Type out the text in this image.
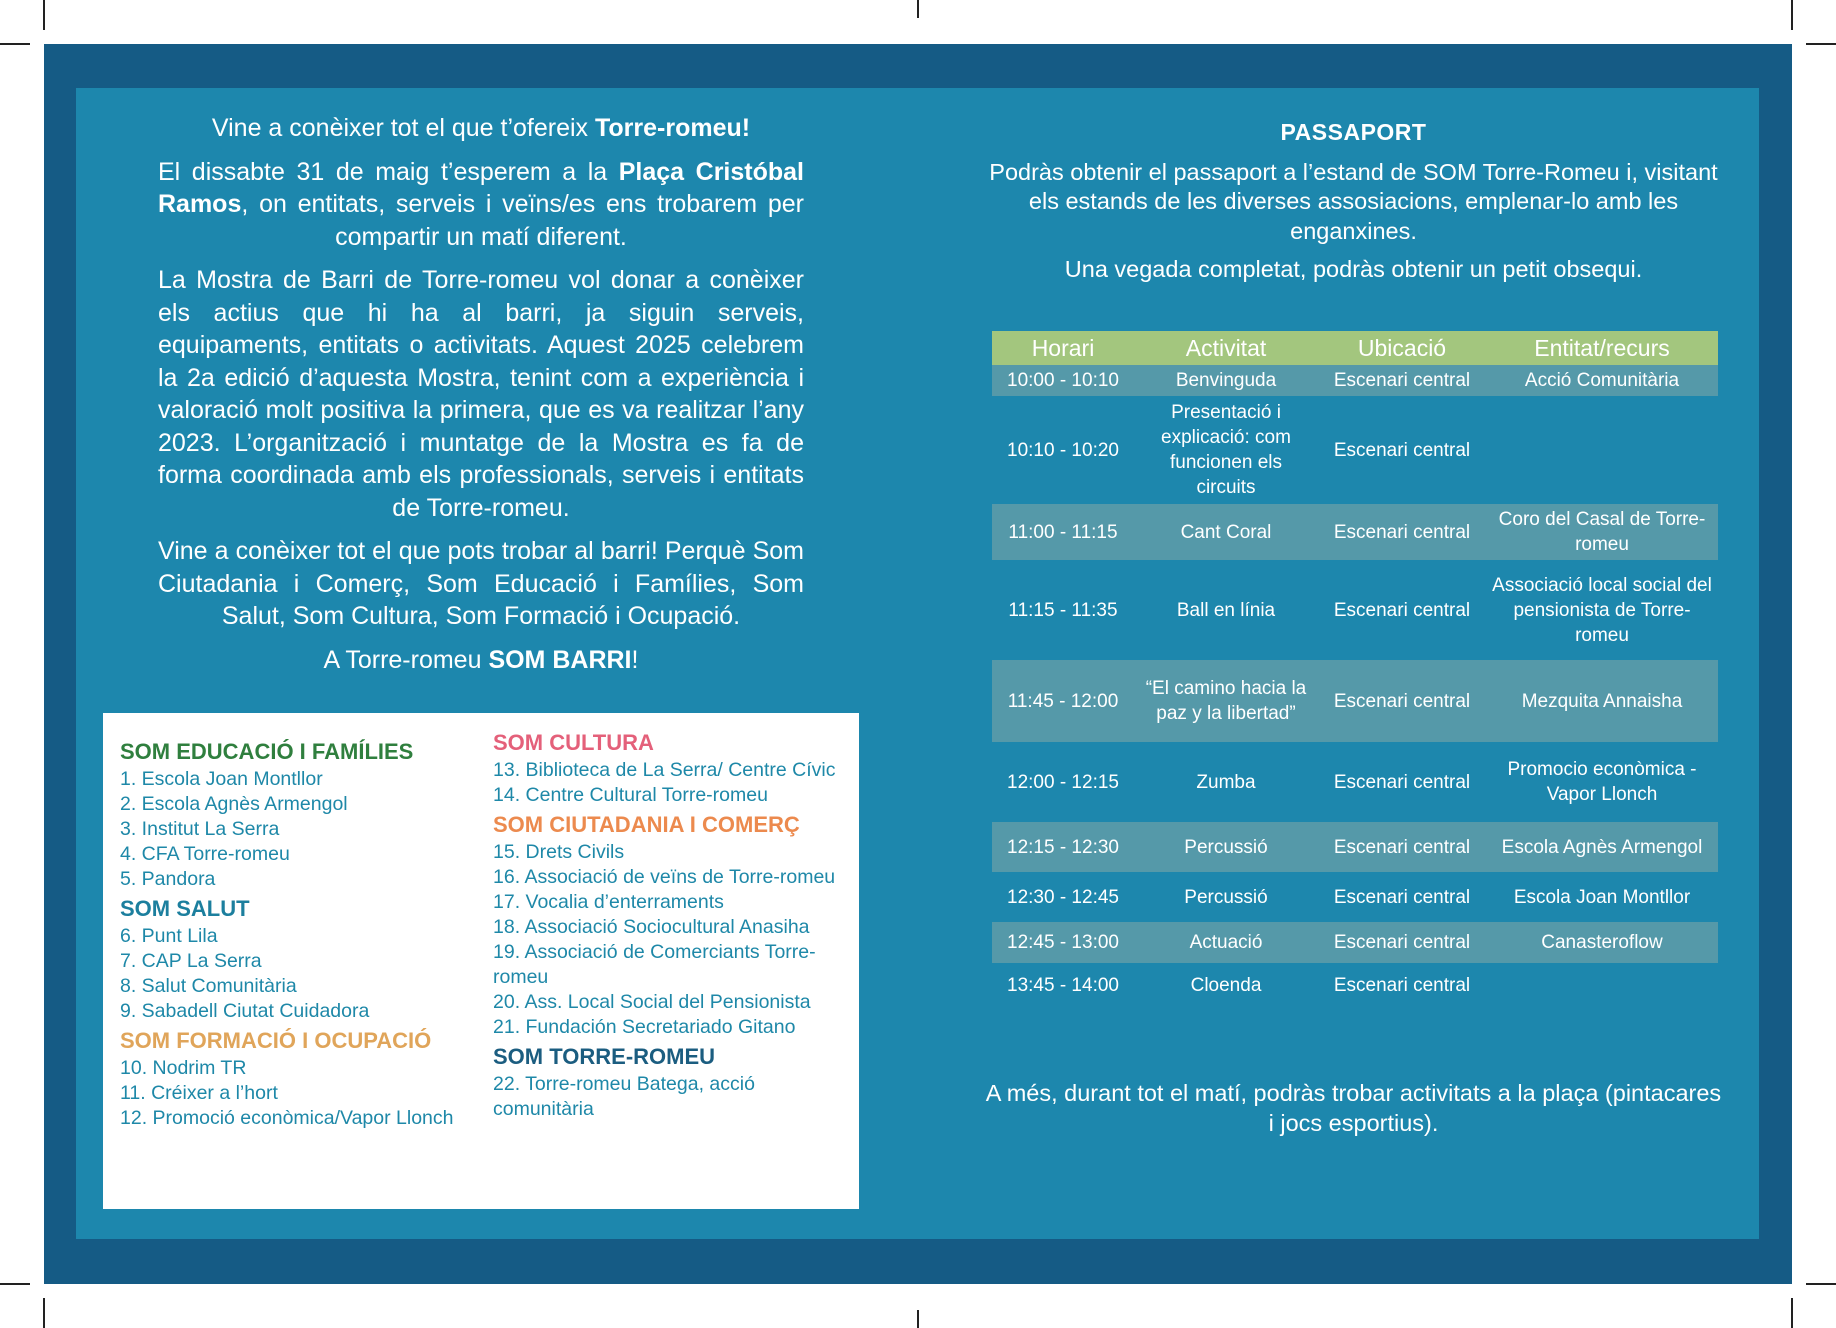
Vine a conèixer tot el que t’ofereix Torre-romeu!

El dissabte 31 de maig t’esperem a la Plaça Cristóbal Ramos, on entitats, serveis i veïns/es ens trobarem per compartir un matí diferent.

La Mostra de Barri de Torre-romeu vol donar a conèixer els actius que hi ha al barri, ja siguin serveis, equipaments, entitats o activitats. Aquest 2025 celebrem la 2a edició d’aquesta Mostra, tenint com a experiència i valoració molt positiva la primera, que es va realitzar l’any 2023. L’organització i muntatge de la Mostra es fa de forma coordinada amb els professionals, serveis i entitats de Torre-romeu.

Vine a conèixer tot el que pots trobar al barri! Perquè Som Ciutadania i Comerç, Som Educació i Famílies, Som Salut, Som Cultura, Som Formació i Ocupació.

A Torre-romeu SOM BARRI!

SOM EDUCACIÓ I FAMÍLIES
1. Escola Joan Montllor
2. Escola Agnès Armengol
3. Institut La Serra
4. CFA Torre-romeu
5. Pandora
SOM SALUT
6. Punt Lila
7. CAP La Serra
8. Salut Comunitària
9. Sabadell Ciutat Cuidadora
SOM FORMACIÓ I OCUPACIÓ
10. Nodrim TR
11. Créixer a l’hort
12. Promoció econòmica/Vapor Llonch
SOM CULTURA
13. Biblioteca de La Serra/ Centre Cívic
14. Centre Cultural Torre-romeu
SOM CIUTADANIA I COMERÇ
15. Drets Civils
16. Associació de veïns de Torre-romeu
17. Vocalia d’enterraments
18. Associació Sociocultural Anasiha
19. Associació de Comerciants Torre-romeu
20. Ass. Local Social del Pensionista
21. Fundación Secretariado Gitano
SOM TORRE-ROMEU
22. Torre-romeu Batega, acció comunitària
PASSAPORT

Podràs obtenir el passaport a l’estand de SOM Torre-Romeu i, visitant els estands de les diverses assosiacions, emplenar-lo amb les enganxines.

Una vegada completat, podràs obtenir un petit obsequi.

Horari	Activitat	Ubicació	Entitat/recurs
10:00 - 10:10	Benvinguda	Escenari central	Acció Comunitària
10:10 - 10:20	Presentació i explicació: com funcionen els circuits	Escenari central	
11:00 - 11:15	Cant Coral	Escenari central	Coro del Casal de Torre-romeu
11:15 - 11:35	Ball en línia	Escenari central	Associació local social del pensionista de Torre-romeu
11:45 - 12:00	“El camino hacia la paz y la libertad”	Escenari central	Mezquita Annaisha
12:00 - 12:15	Zumba	Escenari central	Promocio econòmica - Vapor Llonch
12:15 - 12:30	Percussió	Escenari central	Escola Agnès Armengol
12:30 - 12:45	Percussió	Escenari central	Escola Joan Montllor
12:45 - 13:00	Actuació	Escenari central	Canasteroflow
13:45 - 14:00	Cloenda	Escenari central	
A més, durant tot el matí, podràs trobar activitats a la plaça (pintacares i jocs esportius).
